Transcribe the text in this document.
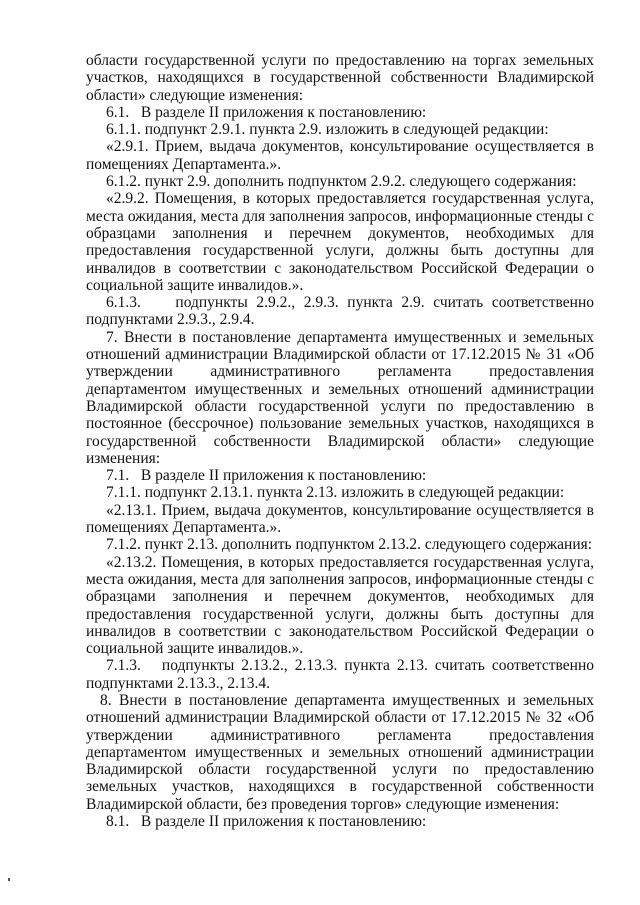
области государственной услуги по предоставлению на торгах земельных участков, находящихся в государственной собственности Владимирской области» следующие изменения:

6.1.   В разделе II приложения к постановлению:

6.1.1. подпункт 2.9.1. пункта 2.9. изложить в следующей редакции:

«2.9.1. Прием, выдача документов, консультирование осуществляется в помещениях Департамента.».

6.1.2. пункт 2.9. дополнить подпунктом 2.9.2. следующего содержания:

«2.9.2. Помещения, в которых предоставляется государственная услуга, места ожидания, места для заполнения запросов, информационные стенды с образцами заполнения и перечнем документов, необходимых для предоставления государственной услуги, должны быть доступны для инвалидов в соответствии с законодательством Российской Федерации о социальной защите инвалидов.».

6.1.3.    подпункты 2.9.2., 2.9.3. пункта 2.9. считать соответственно подпунктами 2.9.3., 2.9.4.

7. Внести в постановление департамента имущественных и земельных отношений администрации Владимирской области от 17.12.2015 № 31 «Об утверждении административного регламента предоставления департаментом имущественных и земельных отношений администрации Владимирской области государственной услуги по предоставлению в постоянное (бессрочное) пользование земельных участков, находящихся в государственной собственности Владимирской области» следующие изменения:

7.1.   В разделе II приложения к постановлению:

7.1.1. подпункт 2.13.1. пункта 2.13. изложить в следующей редакции:

«2.13.1. Прием, выдача документов, консультирование осуществляется в помещениях Департамента.».

7.1.2. пункт 2.13. дополнить подпунктом 2.13.2. следующего содержания:

«2.13.2. Помещения, в которых предоставляется государственная услуга, места ожидания, места для заполнения запросов, информационные стенды с образцами заполнения и перечнем документов, необходимых для предоставления государственной услуги, должны быть доступны для инвалидов в соответствии с законодательством Российской Федерации о социальной защите инвалидов.».

7.1.3.   подпункты 2.13.2., 2.13.3. пункта 2.13. считать соответственно подпунктами 2.13.3., 2.13.4.

8. Внести в постановление департамента имущественных и земельных отношений администрации Владимирской области от 17.12.2015 № 32 «Об утверждении административного регламента предоставления департаментом имущественных и земельных отношений администрации Владимирской области государственной услуги по предоставлению земельных участков, находящихся в государственной собственности Владимирской области, без проведения торгов» следующие изменения:

8.1.   В разделе II приложения к постановлению:
